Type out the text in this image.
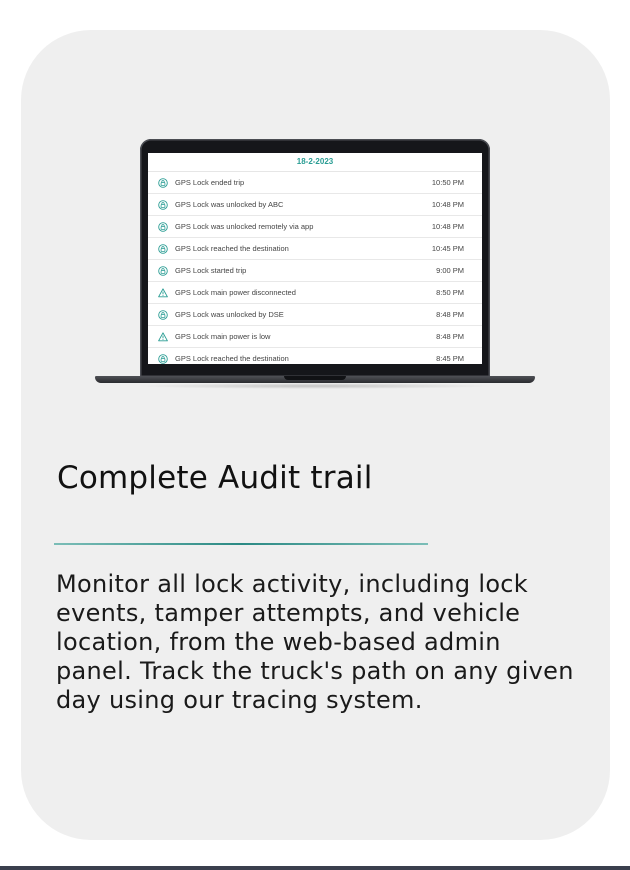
18-2-2023
GPS Lock ended trip	10:50 PM
GPS Lock was unlocked by ABC	10:48 PM
GPS Lock was unlocked remotely via app	10:48 PM
GPS Lock reached the destination	10:45 PM
GPS Lock started trip	9:00 PM
GPS Lock main power disconnected	8:50 PM
GPS Lock was unlocked by DSE	8:48 PM
GPS Lock main power is low	8:48 PM
GPS Lock reached the destination	8:45 PM
Complete Audit trail

Monitor all lock activity, including lock events, tamper attempts, and vehicle location, from the web-based admin panel. Track the truck's path on any given day using our tracing system.
